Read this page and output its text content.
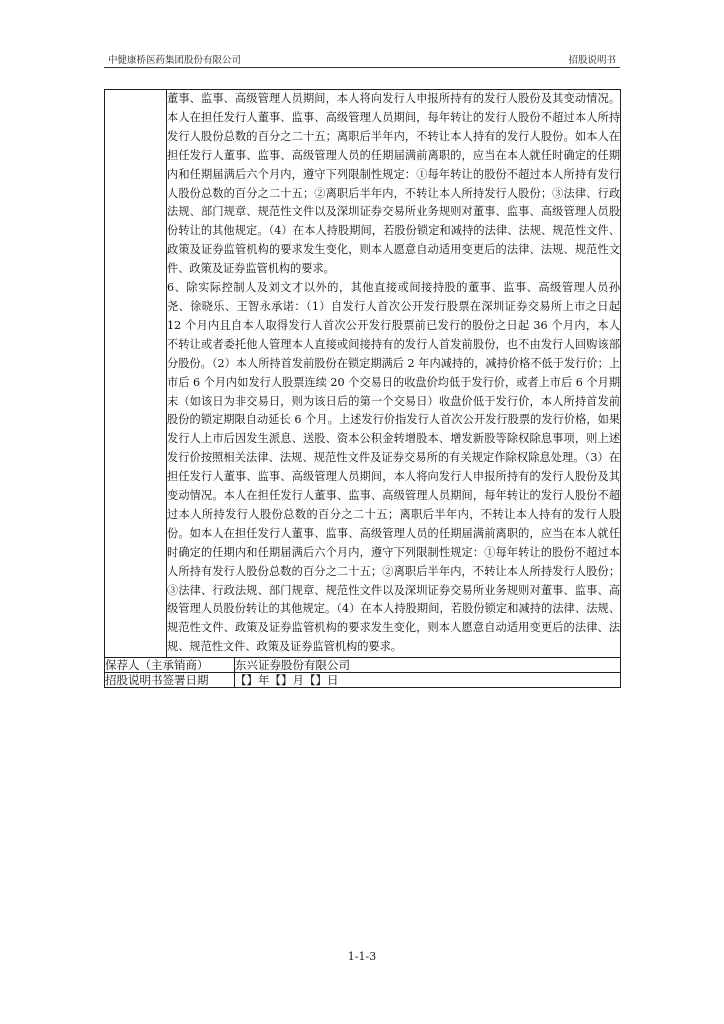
中健康桥医药集团股份有限公司	招股说明书

	董事、监事、高级管理人员期间，本人将向发行人申报所持有的发行人股份及其变动情况。本人在担任发行人董事、监事、高级管理人员期间，每年转让的发行人股份不超过本人所持发行人股份总数的百分之二十五；离职后半年内，不转让本人持有的发行人股份。如本人在担任发行人董事、监事、高级管理人员的任期届满前离职的，应当在本人就任时确定的任期内和任期届满后六个月内，遵守下列限制性规定：①每年转让的股份不超过本人所持有发行人股份总数的百分之二十五；②离职后半年内，不转让本人所持发行人股份；③法律、行政法规、部门规章、规范性文件以及深圳证券交易所业务规则对董事、监事、高级管理人员股份转让的其他规定。（4）在本人持股期间，若股份锁定和减持的法律、法规、规范性文件、政策及证券监管机构的要求发生变化，则本人愿意自动适用变更后的法律、法规、规范性文件、政策及证券监管机构的要求。

6、除实际控制人及刘文才以外的，其他直接或间接持股的董事、监事、高级管理人员孙尧、徐晓乐、王智永承诺：（1）自发行人首次公开发行股票在深圳证券交易所上市之日起 12 个月内且自本人取得发行人首次公开发行股票前已发行的股份之日起 36 个月内，本人不转让或者委托他人管理本人直接或间接持有的发行人首发前股份，也不由发行人回购该部分股份。（2）本人所持首发前股份在锁定期满后 2 年内减持的，减持价格不低于发行价；上市后 6 个月内如发行人股票连续 20 个交易日的收盘价均低于发行价，或者上市后 6 个月期末（如该日为非交易日，则为该日后的第一个交易日）收盘价低于发行价，本人所持首发前股份的锁定期限自动延长 6 个月。上述发行价指发行人首次公开发行股票的发行价格，如果发行人上市后因发生派息、送股、资本公积金转增股本、增发新股等除权除息事项，则上述发行价按照相关法律、法规、规范性文件及证券交易所的有关规定作除权除息处理。（3）在担任发行人董事、监事、高级管理人员期间，本人将向发行人申报所持有的发行人股份及其变动情况。本人在担任发行人董事、监事、高级管理人员期间，每年转让的发行人股份不超过本人所持发行人股份总数的百分之二十五；离职后半年内，不转让本人持有的发行人股份。如本人在担任发行人董事、监事、高级管理人员的任期届满前离职的，应当在本人就任时确定的任期内和任期届满后六个月内，遵守下列限制性规定：①每年转让的股份不超过本人所持有发行人股份总数的百分之二十五；②离职后半年内，不转让本人所持发行人股份；③法律、行政法规、部门规章、规范性文件以及深圳证券交易所业务规则对董事、监事、高级管理人员股份转让的其他规定。（4）在本人持股期间，若股份锁定和减持的法律、法规、规范性文件、政策及证券监管机构的要求发生变化，则本人愿意自动适用变更后的法律、法规、规范性文件、政策及证券监管机构的要求。	

保荐人（主承销商）		东兴证券股份有限公司
招股说明书签署日期		【】年【】月【】日
1-1-3
